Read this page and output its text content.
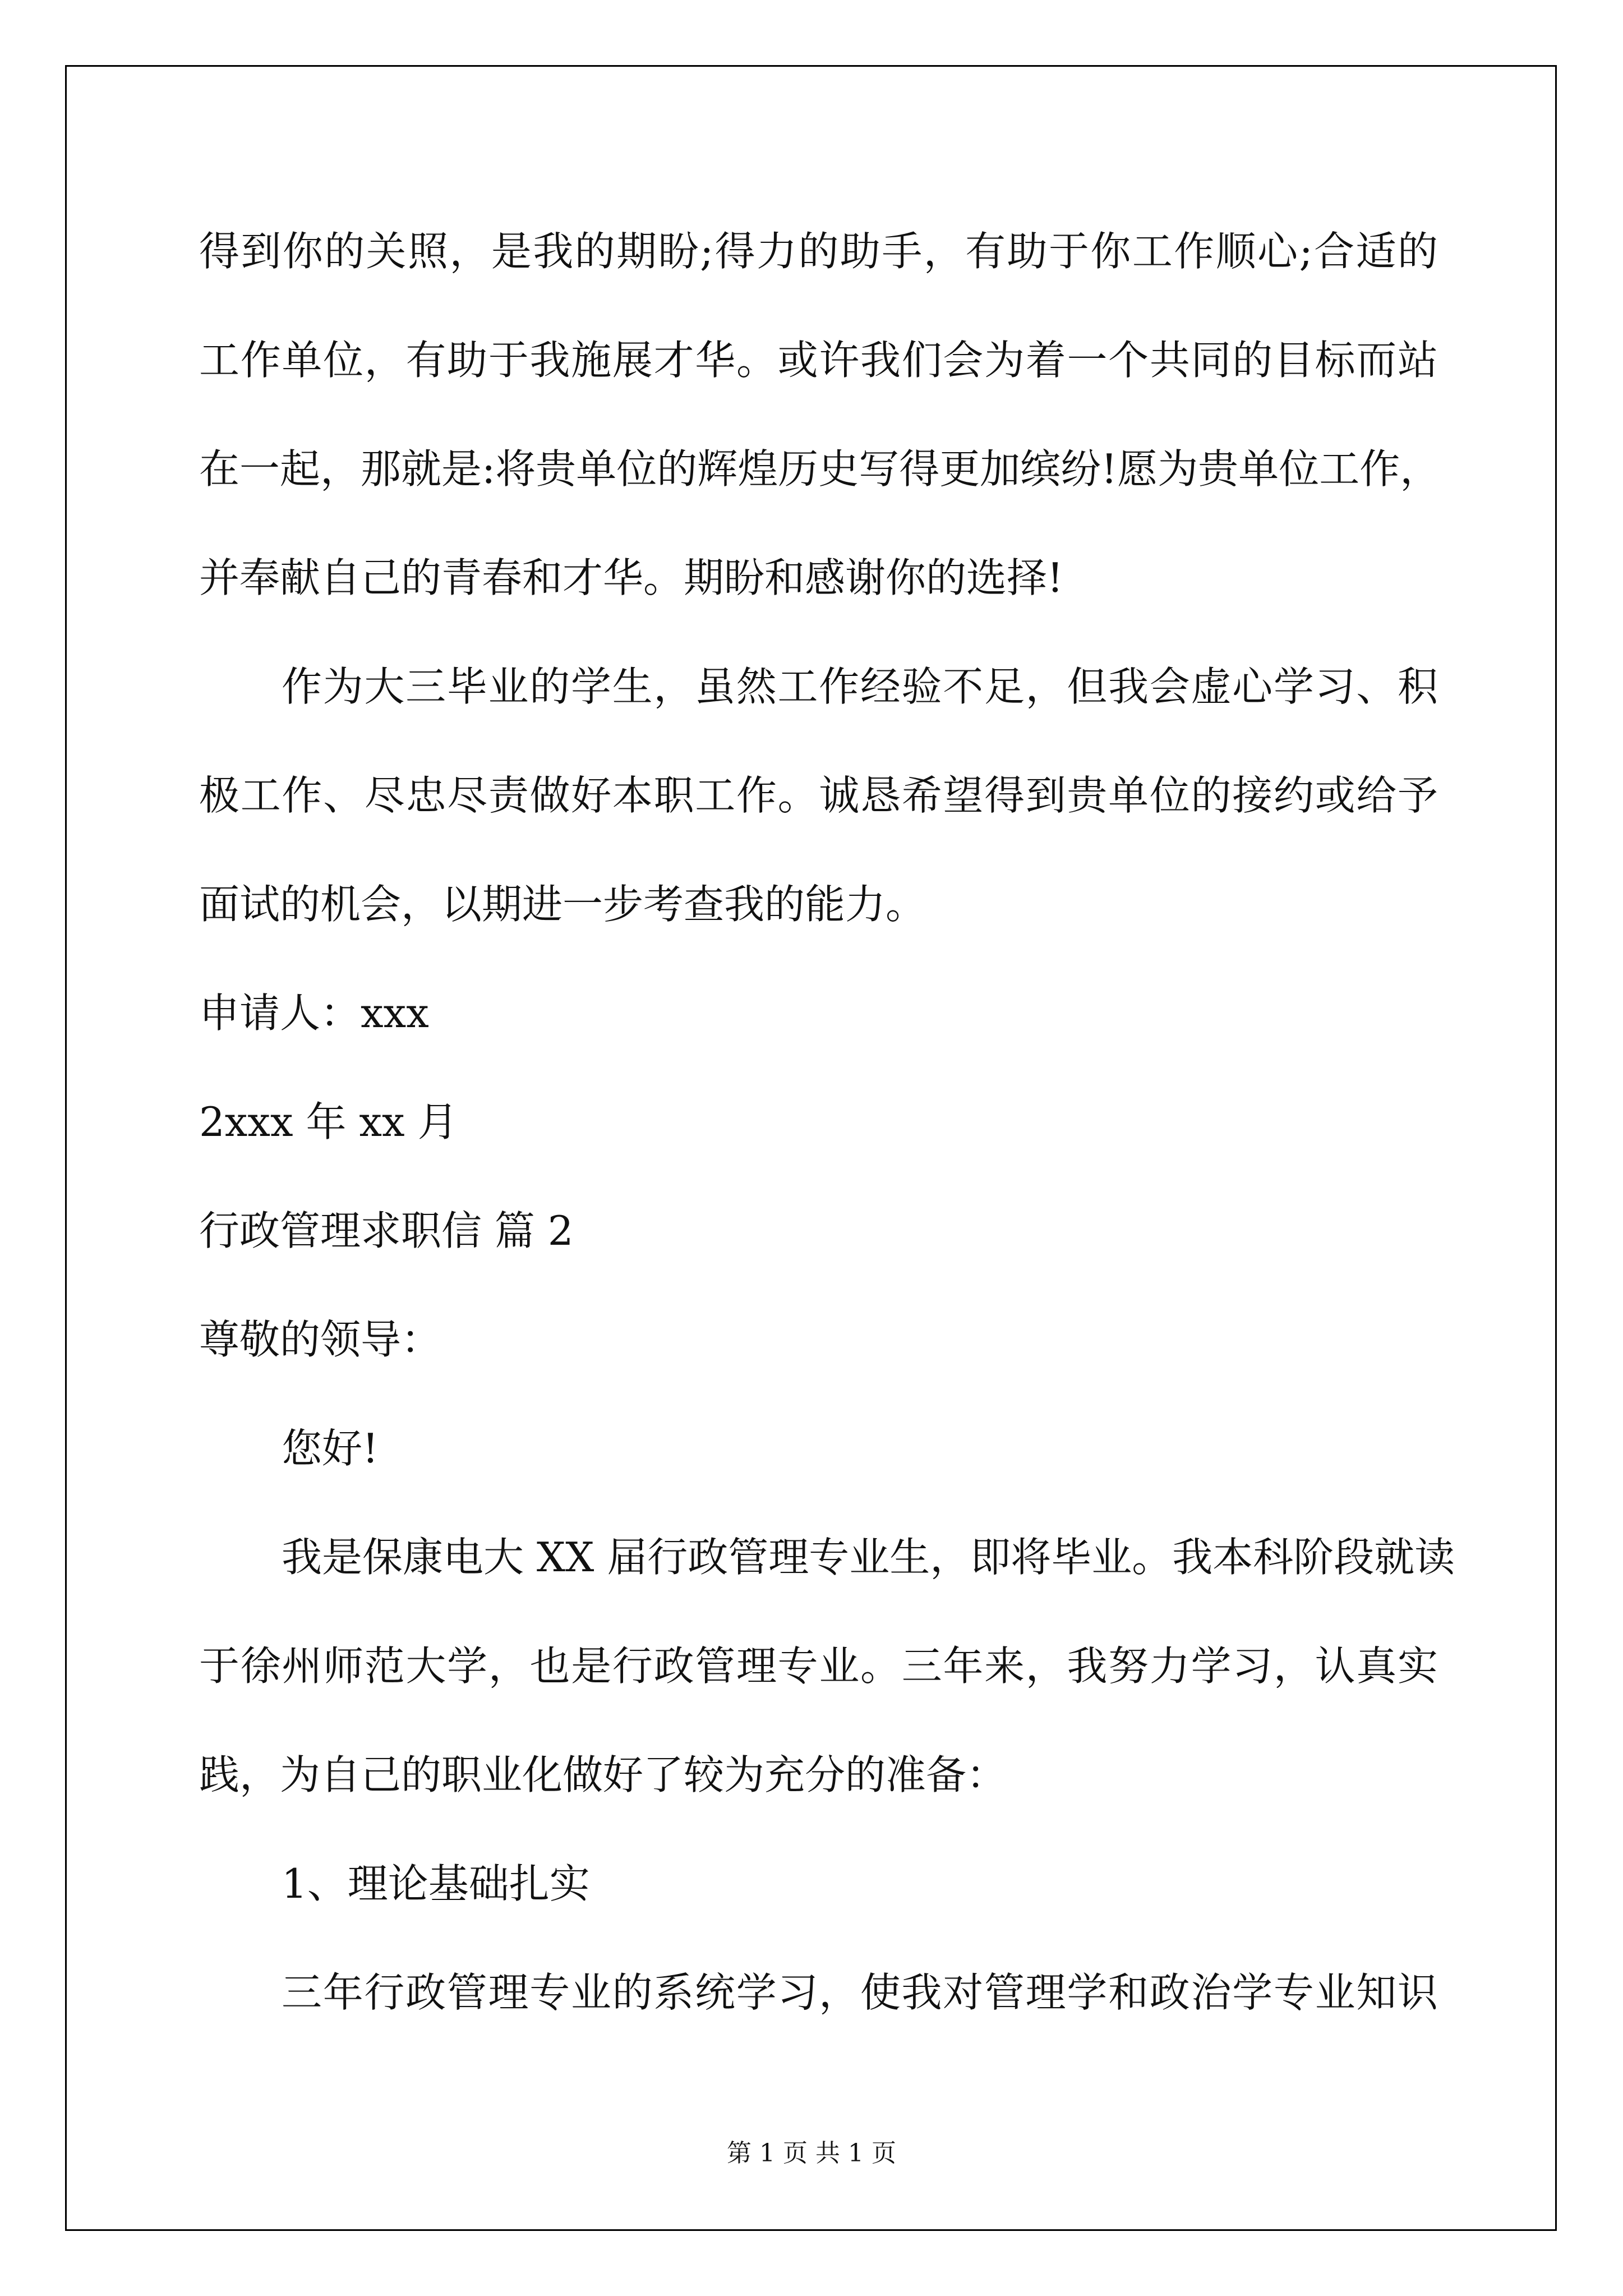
得到你的关照，是我的期盼;得力的助手，有助于你工作顺心;合适的
工作单位，有助于我施展才华。或许我们会为着一个共同的目标而站
在一起，那就是:将贵单位的辉煌历史写得更加缤纷!愿为贵单位工作，
并奉献自己的青春和才华。期盼和感谢你的选择!
作为大三毕业的学生，虽然工作经验不足，但我会虚心学习、积
极工作、尽忠尽责做好本职工作。诚恳希望得到贵单位的接约或给予
面试的机会，以期进一步考查我的能力。
申请人：xxx
2xxx 年 xx 月
行政管理求职信 篇 2
尊敬的领导：
您好!
我是保康电大 XX 届行政管理专业生，即将毕业。我本科阶段就读
于徐州师范大学，也是行政管理专业。三年来，我努力学习，认真实
践，为自己的职业化做好了较为充分的准备：
1、理论基础扎实
三年行政管理专业的系统学习，使我对管理学和政治学专业知识
第 1 页 共 1 页
